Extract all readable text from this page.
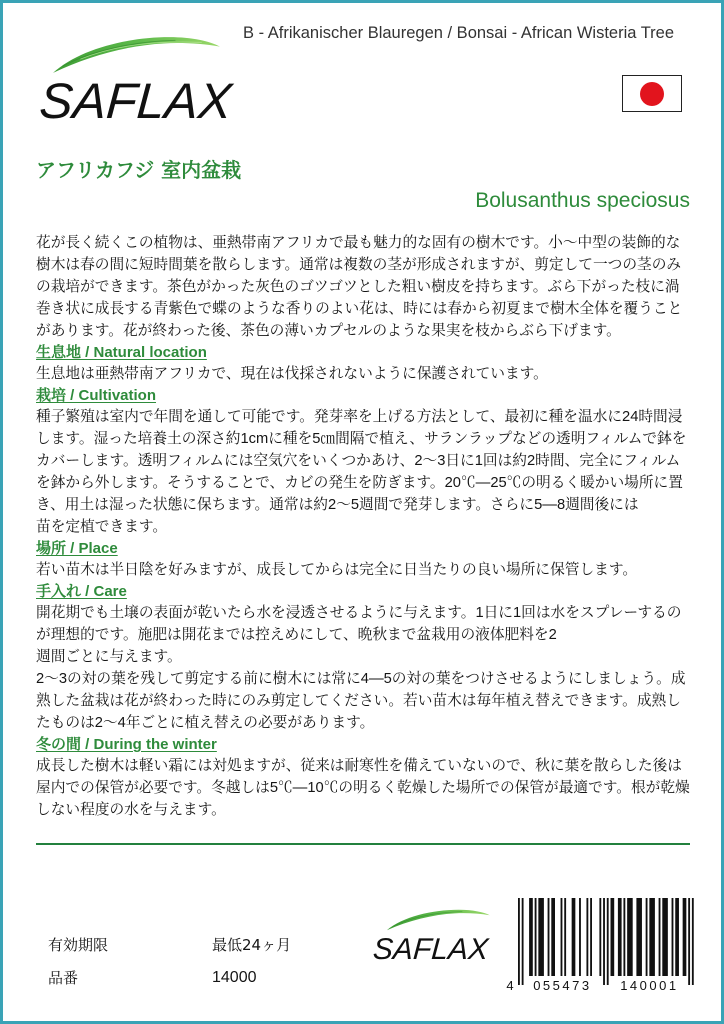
SAFLAX
B - Afrikanischer Blauregen / Bonsai - African Wisteria Tree
アフリカフジ 室内盆栽
Bolusanthus speciosus
花が長く続くこの植物は、亜熱帯南アフリカで最も魅力的な固有の樹木です。小～中型の装飾的な
樹木は春の間に短時間葉を散らします。通常は複数の茎が形成されますが、剪定して一つの茎のみ
の栽培ができます。茶色がかった灰色のゴツゴツとした粗い樹皮を持ちます。ぶら下がった枝に渦
巻き状に成長する青紫色で蝶のような香りのよい花は、時には春から初夏まで樹木全体を覆うこと
があります。花が終わった後、茶色の薄いカプセルのような果実を枝からぶら下げます。
生息地 / Natural location
生息地は亜熱帯南アフリカで、現在は伐採されないように保護されています。
栽培 / Cultivation
種子繁殖は室内で年間を通して可能です。発芽率を上げる方法として、最初に種を温水に24時間浸
します。湿った培養土の深さ約1cmに種を5㎝間隔で植え、サランラップなどの透明フィルムで鉢を
カバーします。透明フィルムには空気穴をいくつかあけ、2～3日に1回は約2時間、完全にフィルム
を鉢から外します。そうすることで、カビの発生を防ぎます。20℃―25℃の明るく暖かい場所に置
き、用土は湿った状態に保ちます。通常は約2～5週間で発芽します。さらに5―8週間後には
苗を定植できます。
場所 / Place
若い苗木は半日陰を好みますが、成長してからは完全に日当たりの良い場所に保管します。
手入れ / Care
開花期でも土壌の表面が乾いたら水を浸透させるように与えます。1日に1回は水をスプレーするの
が理想的です。施肥は開花までは控えめにして、晩秋まで盆栽用の液体肥料を2
週間ごとに与えます。
2～3の対の葉を残して剪定する前に樹木には常に4―5の対の葉をつけさせるようにしましょう。成
熟した盆栽は花が終わった時にのみ剪定してください。若い苗木は毎年植え替えできます。成熟し
たものは2～4年ごとに植え替えの必要があります。
冬の間 / During the winter
成長した樹木は軽い霜には対処ますが、従来は耐寒性を備えていないので、秋に葉を散らした後は
屋内での保管が必要です。冬越しは5℃―10℃の明るく乾燥した場所での保管が最適です。根が乾燥
しない程度の水を与えます。
有効期限	最低24ヶ月
品番	14000
SAFLAX
4 055473 140001
